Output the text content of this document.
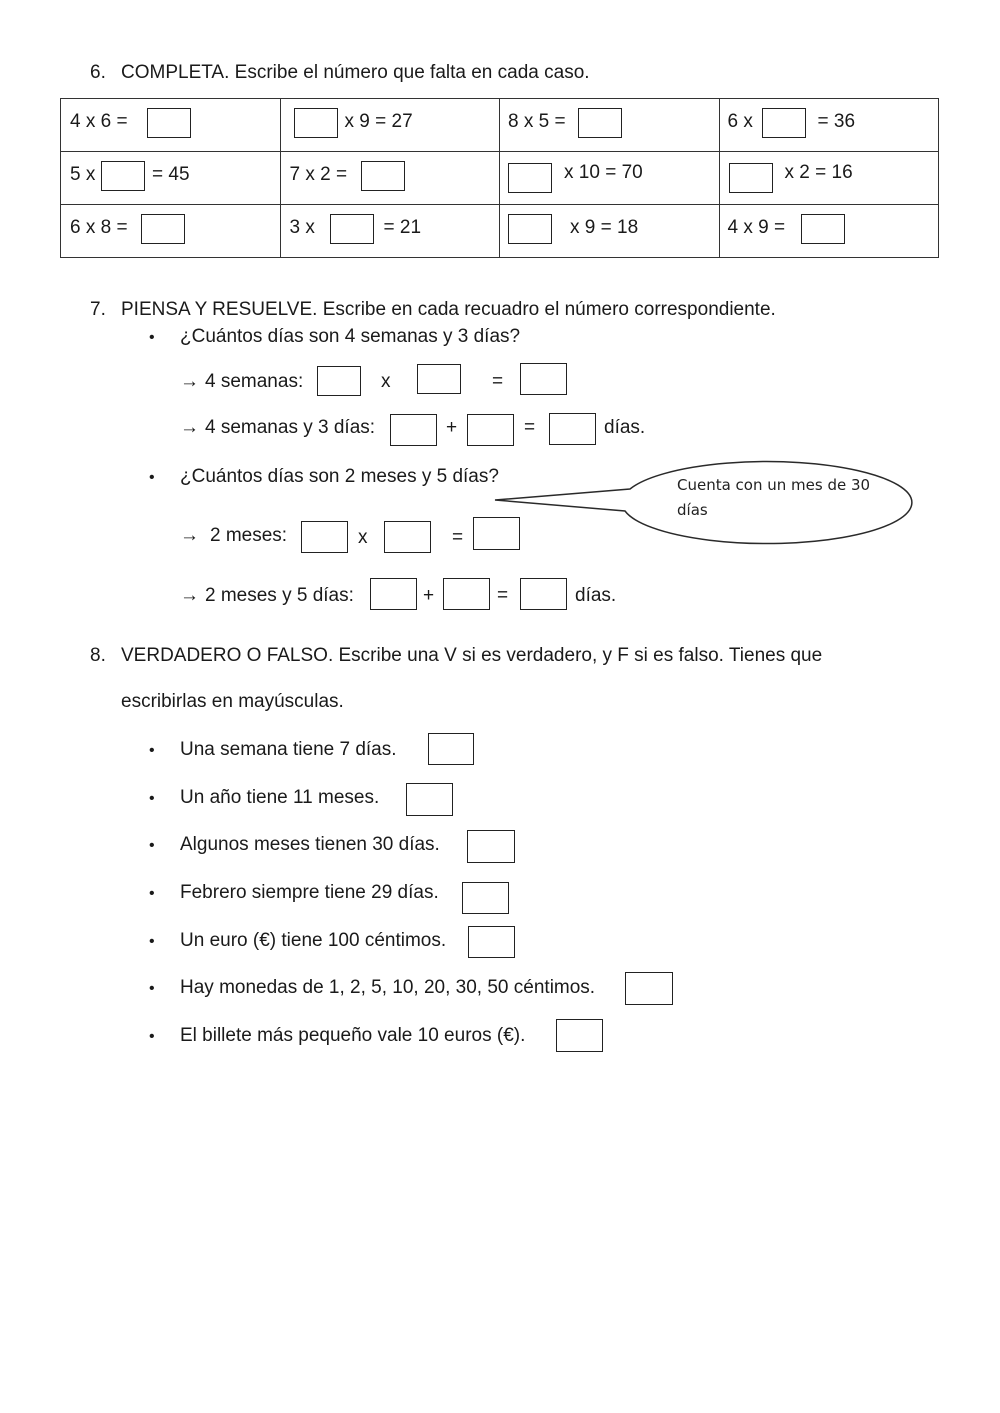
6. COMPLETA. Escribe el número que falta en cada caso.
4 x 6 =	x 9 = 27	8 x 5 =	6 x = 36

5 x = 45	7 x 2 =	x 10 = 70	x 2 = 16

6 x 8 =	3 x = 21	x 9 = 18	4 x 9 =
7. PIENSA Y RESUELVE. Escribe en cada recuadro el número correspondiente.
• ¿Cuántos días son 4 semanas y 3 días?
→ 4 semanas:	x	=
→ 4 semanas y 3 días:	+	=	días.
• ¿Cuántos días son 2 meses y 5 días?	Cuenta con un mes de 30 días
→ 2 meses:	x	=
→ 2 meses y 5 días:	+	=	días.
8. VERDADERO O FALSO. Escribe una V si es verdadero, y F si es falso. Tienes que
escribirlas en mayúsculas.
• Una semana tiene 7 días.
• Un año tiene 11 meses.
• Algunos meses tienen 30 días.
• Febrero siempre tiene 29 días.
• Un euro (€) tiene 100 céntimos.
• Hay monedas de 1, 2, 5, 10, 20, 30, 50 céntimos.
• El billete más pequeño vale 10 euros (€).
